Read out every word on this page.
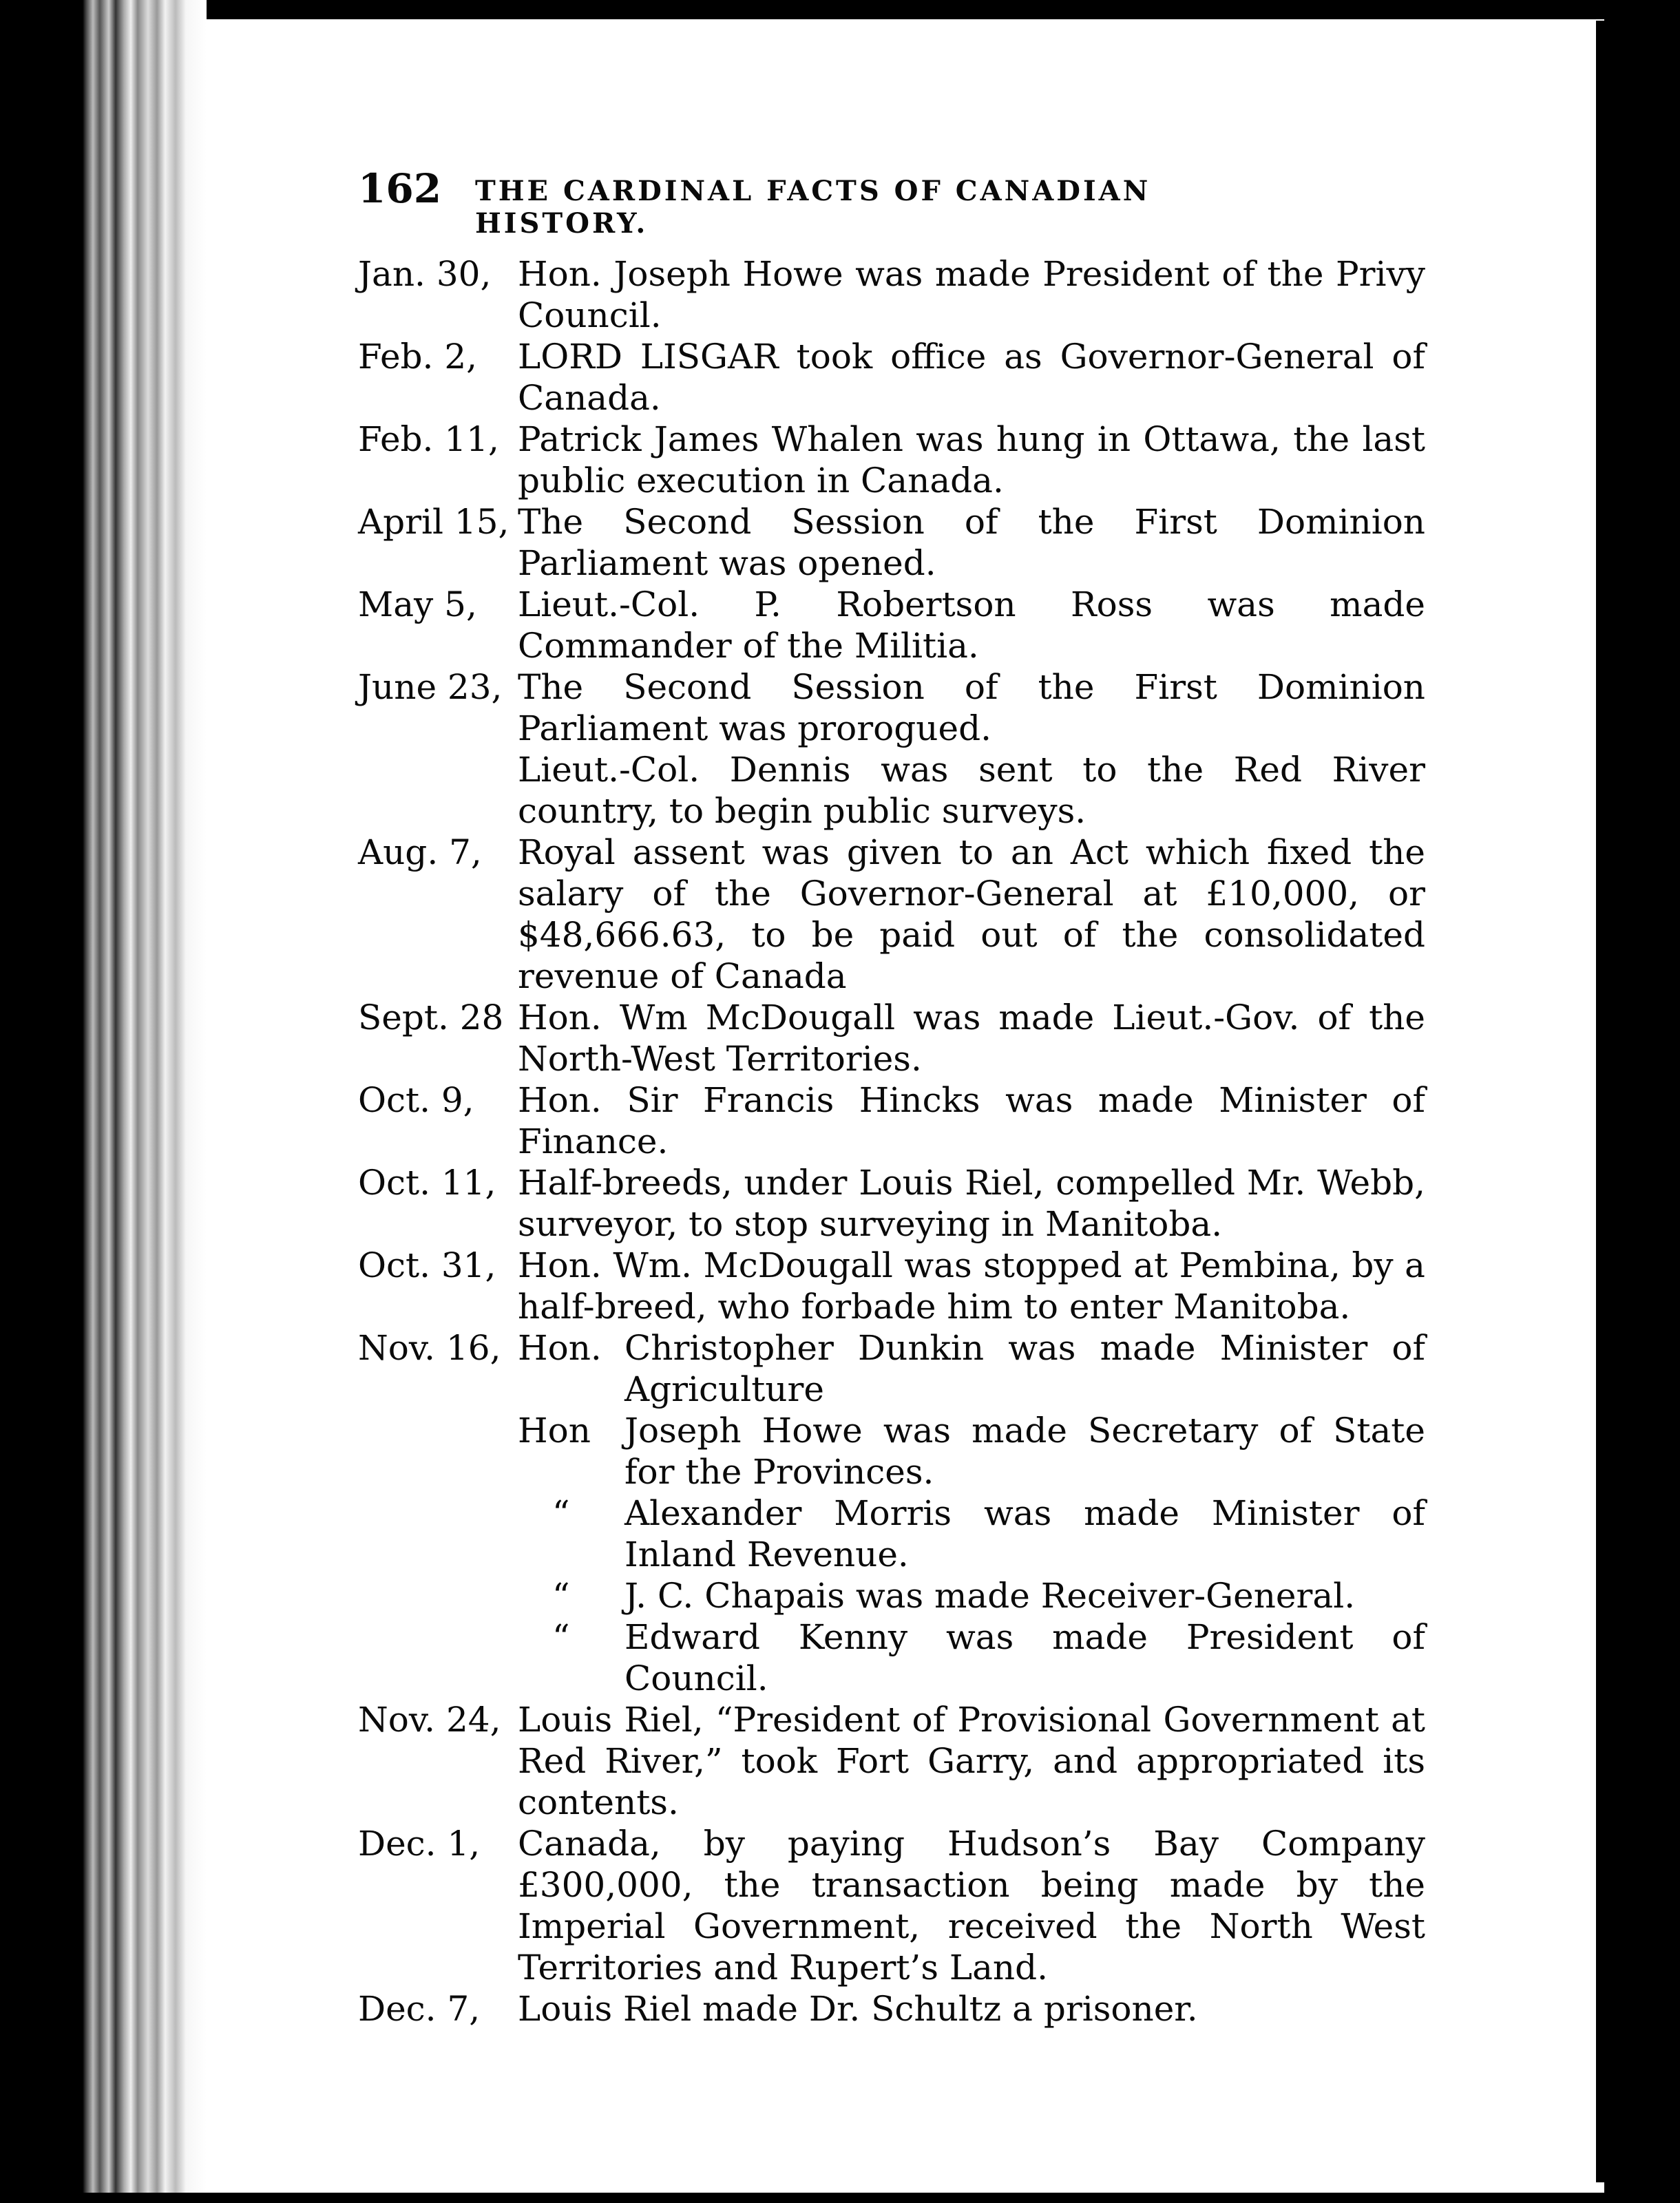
162 THE CARDINAL FACTS OF CANADIAN HISTORY.
Jan. 30, Hon. Joseph Howe was made President of the Privy Council.
Feb. 2,	LORD LISGAR took office as Governor-General of Canada.
Feb. 11, Patrick James Whalen was hung in Ottawa, the last public execution in Canada.
April 15, The Second Session of the First Dominion Parliament was opened.
May 5,	Lieut.-Col. P. Robertson Ross was made Commander of the Militia.
June 23, The Second Session of the First Dominion Parliament was prorogued.
Lieut.-Col. Dennis was sent to the Red River country, to begin public surveys.
Aug. 7,	Royal assent was given to an Act which fixed the salary of the Governor-General at £10,000, or $48,666.63, to be paid out of the consolidated revenue of Canada
Sept. 28 Hon. Wm McDougall was made Lieut.-Gov. of the North-West Territories.
Oct. 9,	Hon. Sir Francis Hincks was made Minister of Finance.
Oct. 11, Half-breeds, under Louis Riel, compelled Mr. Webb, surveyor, to stop surveying in Manitoba.
Oct. 31, Hon. Wm. McDougall was stopped at Pembina, by a half-breed, who forbade him to enter Manitoba.
Nov. 16, Hon. Christopher Dunkin was made Minister of Agriculture
Hon Joseph Howe was made Secretary of State for the Provinces.
“	Alexander Morris was made Minister of Inland Revenue.
“	J. C. Chapais was made Receiver-General.
“	Edward Kenny was made President of Council.
Nov. 24, Louis Riel, “President of Provisional Government at Red River,” took Fort Garry, and appropriated its contents.
Dec. 1,	Canada, by paying Hudson’s Bay Company £300,000, the transaction being made by the Imperial Government, received the North West Territories and Rupert’s Land.
Dec. 7,	Louis Riel made Dr. Schultz a prisoner.
